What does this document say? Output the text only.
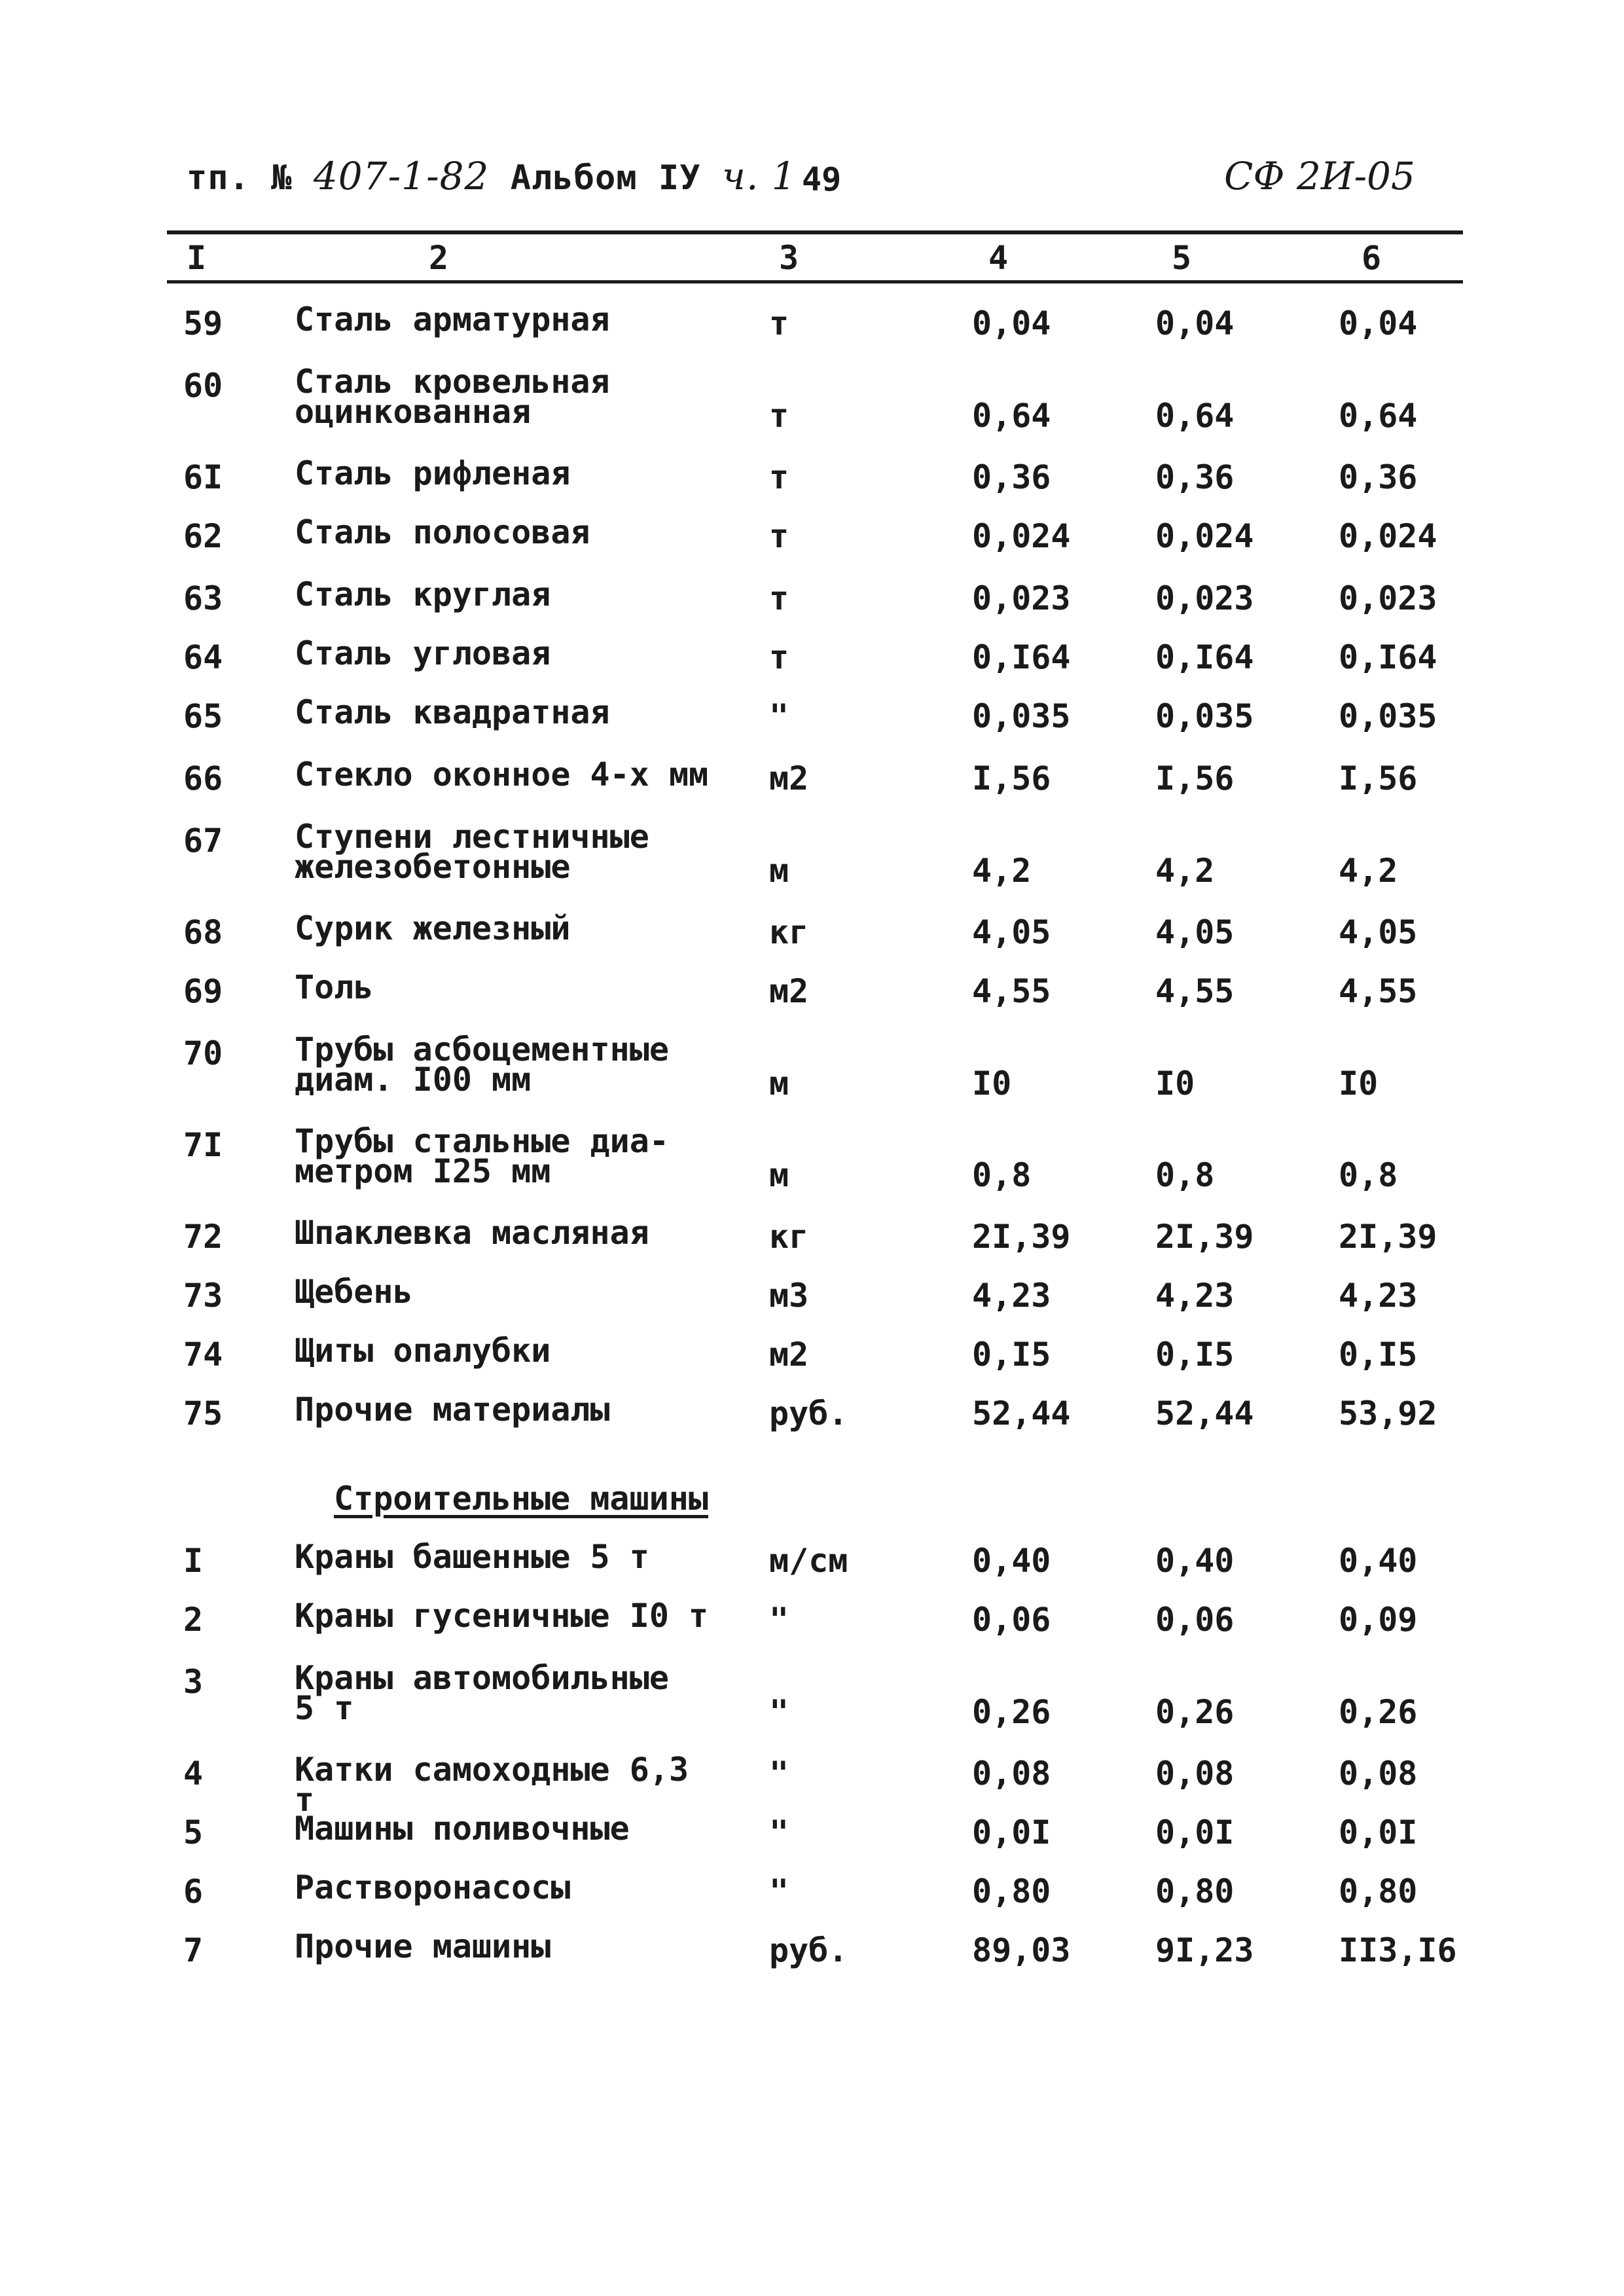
тп. № 407-1-82 Альбом IУ ч. 1 49	СФ 2И-05
I	2	3	4	5	6
59 Сталь арматурная	т	0,04	0,04	0,04
60 Сталь кровельная
оцинкованная	т	0,64	0,64	0,64
6I Сталь рифленая	т	0,36	0,36	0,36
62 Сталь полосовая	т	0,024	0,024	0,024
63 Сталь круглая	т	0,023	0,023	0,023
64 Сталь угловая	т	0,I64	0,I64	0,I64
65 Сталь квадратная	"	0,035	0,035	0,035
66 Стекло оконное 4-х мм м2	I,56	I,56	I,56
67 Ступени лестничные
железобетонные	м	4,2	4,2	4,2
68 Сурик железный	кг	4,05	4,05	4,05
69 Толь	м2	4,55	4,55	4,55
70 Трубы асбоцементные
диам. I00 мм	м	I0	I0	I0
7I Трубы стальные диа-
метром I25 мм	м	0,8	0,8	0,8
72 Шпаклевка масляная	кг	2I,39	2I,39	2I,39
73 Щебень	м3	4,23	4,23	4,23
74 Щиты опалубки	м2	0,I5	0,I5	0,I5
75 Прочие материалы	руб.	52,44	52,44	53,92
Строительные машины
I	Краны башенные 5 т	м/см	0,40	0,40	0,40
2	Краны гусеничные I0 т "	0,06	0,06	0,09
3	Краны автомобильные
5 т	"	0,26	0,26	0,26
4	Катки самоходные 6,3 т
"	0,08	0,08	0,08
5	Машины поливочные	"	0,0I	0,0I	0,0I
6	Растворонасосы	"	0,80	0,80	0,80
7	Прочие машины	руб.	89,03	9I,23	II3,I6
